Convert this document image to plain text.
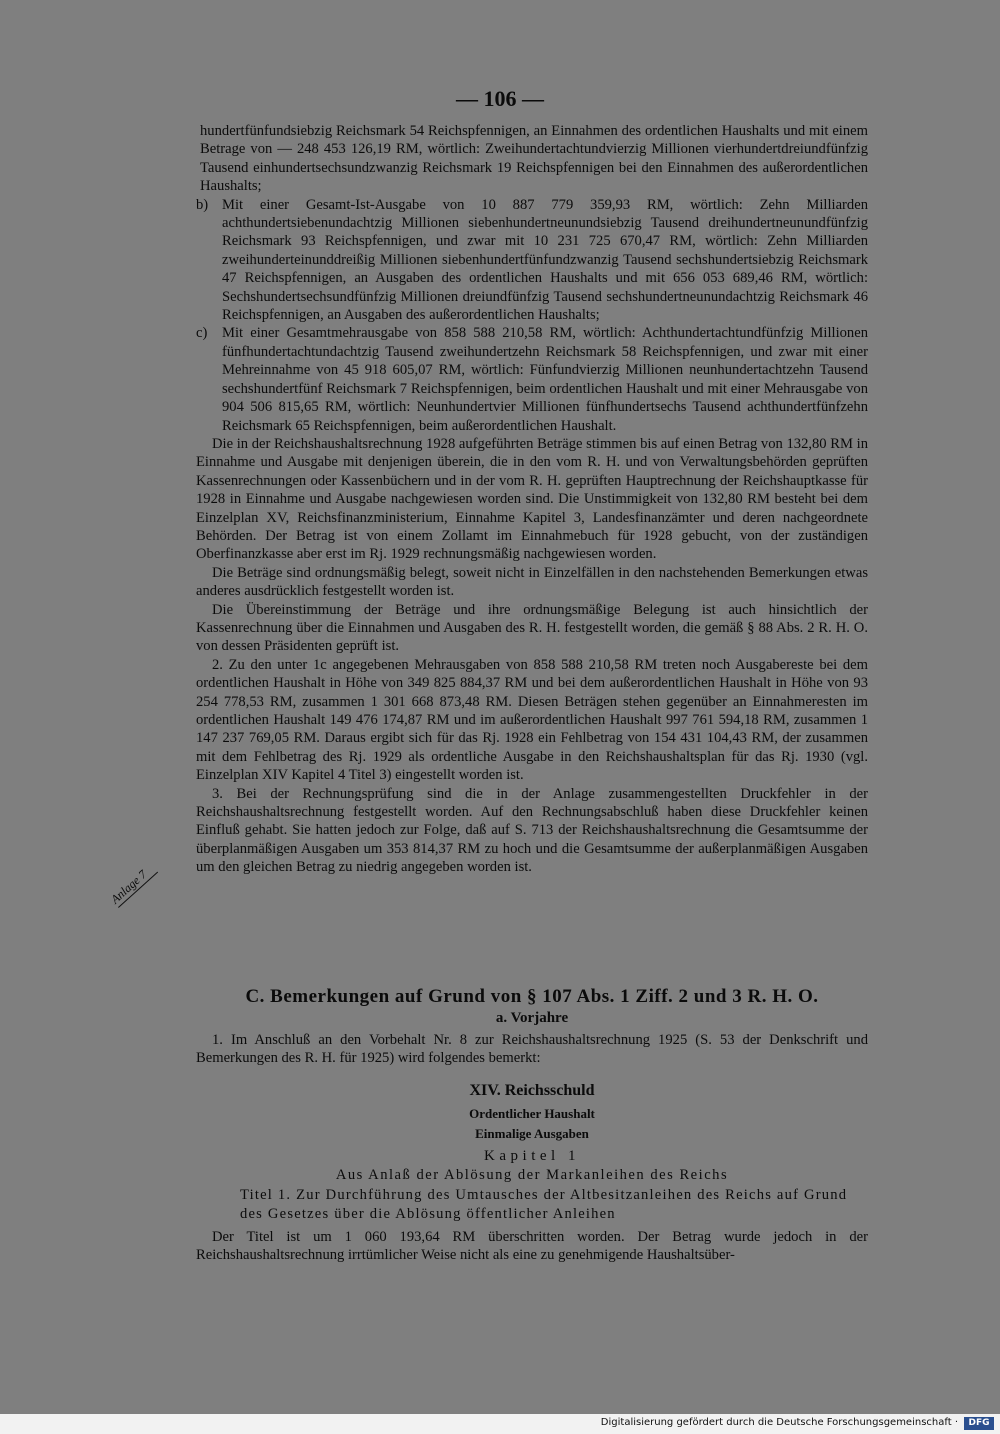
— 106 —

hundertfünfundsiebzig Reichsmark 54 Reichspfennigen, an Einnahmen des ordentlichen Haushalts und mit einem Betrage von — 248 453 126,19 RM, wörtlich: Zweihundertachtundvierzig Millionen vierhundertdreiundfünfzig Tausend einhundertsechsundzwanzig Reichsmark 19 Reichspfennigen bei den Einnahmen des außerordentlichen Haushalts;

b) Mit einer Gesamt-Ist-Ausgabe von 10 887 779 359,93 RM, wörtlich: Zehn Milliarden achthundertsiebenundachtzig Millionen siebenhundertneunundsiebzig Tausend dreihundertneunundfünfzig Reichsmark 93 Reichspfennigen, und zwar mit 10 231 725 670,47 RM, wörtlich: Zehn Milliarden zweihunderteinunddreißig Millionen siebenhundertfünfundzwanzig Tausend sechshundertsiebzig Reichsmark 47 Reichspfennigen, an Ausgaben des ordentlichen Haushalts und mit 656 053 689,46 RM, wörtlich: Sechshundertsechsundfünfzig Millionen dreiundfünfzig Tausend sechshundertneunundachtzig Reichsmark 46 Reichspfennigen, an Ausgaben des außerordentlichen Haushalts;

c) Mit einer Gesamtmehrausgabe von 858 588 210,58 RM, wörtlich: Achthundertachtundfünfzig Millionen fünfhundertachtundachtzig Tausend zweihundertzehn Reichsmark 58 Reichspfennigen, und zwar mit einer Mehreinnahme von 45 918 605,07 RM, wörtlich: Fünfundvierzig Millionen neunhundertachtzehn Tausend sechshundertfünf Reichsmark 7 Reichspfennigen, beim ordentlichen Haushalt und mit einer Mehrausgabe von 904 506 815,65 RM, wörtlich: Neunhundertvier Millionen fünfhundertsechs Tausend achthundertfünfzehn Reichsmark 65 Reichspfennigen, beim außerordentlichen Haushalt.

Die in der Reichshaushaltsrechnung 1928 aufgeführten Beträge stimmen bis auf einen Betrag von 132,80 RM in Einnahme und Ausgabe mit denjenigen überein, die in den vom R. H. und von Verwaltungsbehörden geprüften Kassenrechnungen oder Kassenbüchern und in der vom R. H. geprüften Hauptrechnung der Reichshauptkasse für 1928 in Einnahme und Ausgabe nachgewiesen worden sind. Die Unstimmigkeit von 132,80 RM besteht bei dem Einzelplan XV, Reichsfinanzministerium, Einnahme Kapitel 3, Landesfinanzämter und deren nachgeordnete Behörden. Der Betrag ist von einem Zollamt im Einnahmebuch für 1928 gebucht, von der zuständigen Oberfinanzkasse aber erst im Rj. 1929 rechnungsmäßig nachgewiesen worden.

Die Beträge sind ordnungsmäßig belegt, soweit nicht in Einzelfällen in den nachstehenden Bemerkungen etwas anderes ausdrücklich festgestellt worden ist.

Die Übereinstimmung der Beträge und ihre ordnungsmäßige Belegung ist auch hinsichtlich der Kassenrechnung über die Einnahmen und Ausgaben des R. H. festgestellt worden, die gemäß § 88 Abs. 2 R. H. O. von dessen Präsidenten geprüft ist.

2. Zu den unter 1c angegebenen Mehrausgaben von 858 588 210,58 RM treten noch Ausgabereste bei dem ordentlichen Haushalt in Höhe von 349 825 884,37 RM und bei dem außerordentlichen Haushalt in Höhe von 93 254 778,53 RM, zusammen 1 301 668 873,48 RM. Diesen Beträgen stehen gegenüber an Einnahmeresten im ordentlichen Haushalt 149 476 174,87 RM und im außerordentlichen Haushalt 997 761 594,18 RM, zusammen 1 147 237 769,05 RM. Daraus ergibt sich für das Rj. 1928 ein Fehlbetrag von 154 431 104,43 RM, der zusammen mit dem Fehlbetrag des Rj. 1929 als ordentliche Ausgabe in den Reichshaushaltsplan für das Rj. 1930 (vgl. Einzelplan XIV Kapitel 4 Titel 3) eingestellt worden ist.

3. Bei der Rechnungsprüfung sind die in der Anlage zusammengestellten Druckfehler in der Reichshaushaltsrechnung festgestellt worden. Auf den Rechnungsabschluß haben diese Druckfehler keinen Einfluß gehabt. Sie hatten jedoch zur Folge, daß auf S. 713 der Reichshaushaltsrechnung die Gesamtsumme der überplanmäßigen Ausgaben um 353 814,37 RM zu hoch und die Gesamtsumme der außerplanmäßigen Ausgaben um den gleichen Betrag zu niedrig angegeben worden ist.

Anlage 7
C. Bemerkungen auf Grund von § 107 Abs. 1 Ziff. 2 und 3 R. H. O.
a. Vorjahre

1. Im Anschluß an den Vorbehalt Nr. 8 zur Reichshaushaltsrechnung 1925 (S. 53 der Denkschrift und Bemerkungen des R. H. für 1925) wird folgendes bemerkt:

XIV. Reichsschuld
Ordentlicher Haushalt
Einmalige Ausgaben
Kapitel 1
Aus Anlaß der Ablösung der Markanleihen des Reichs
Titel 1. Zur Durchführung des Umtausches der Altbesitzanleihen des Reichs auf Grund des Gesetzes über die Ablösung öffentlicher Anleihen

Der Titel ist um 1 060 193,64 RM überschritten worden. Der Betrag wurde jedoch in der Reichshaushaltsrechnung irrtümlicher Weise nicht als eine zu genehmigende Haushaltsüber-

Digitalisierung gefördert durch die Deutsche Forschungsgemeinschaft ·	DFG
